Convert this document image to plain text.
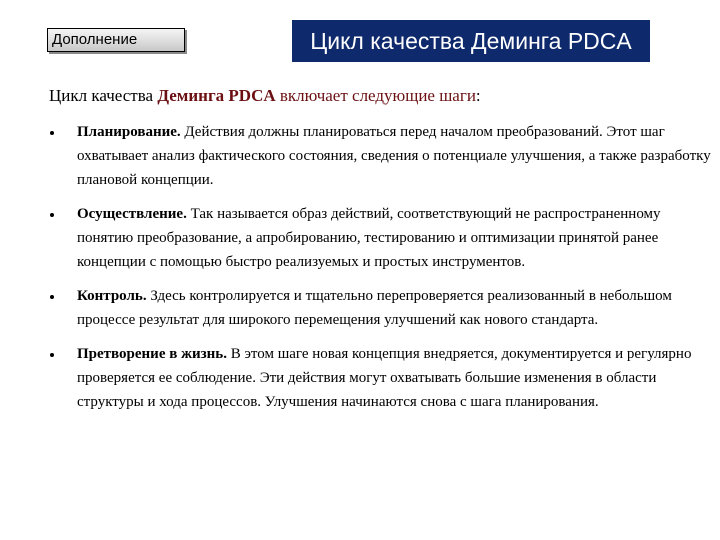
Дополнение	Цикл качества Деминга PDCA
Цикл качества Деминга PDCA включает следующие шаги:
Планирование. Действия должны планироваться перед началом преобразований. Этот шаг охватывает анализ фактического состояния, сведения о потенциале улучшения, а также разработку плановой концепции.
Осуществление. Так называется образ действий, соответствующий не распространенному понятию преобразование, а апробированию, тестированию и оптимизации принятой ранее концепции с помощью быстро реализуемых и простых инструментов.
Контроль. Здесь контролируется и тщательно перепроверяется реализованный в небольшом процессе результат для широкого перемещения улучшений как нового стандарта.
Претворение в жизнь. В этом шаге новая концепция внедряется, документируется и регулярно проверяется ее соблюдение. Эти действия могут охватывать большие изменения в области структуры и хода процессов. Улучшения начинаются снова с шага планирования.
